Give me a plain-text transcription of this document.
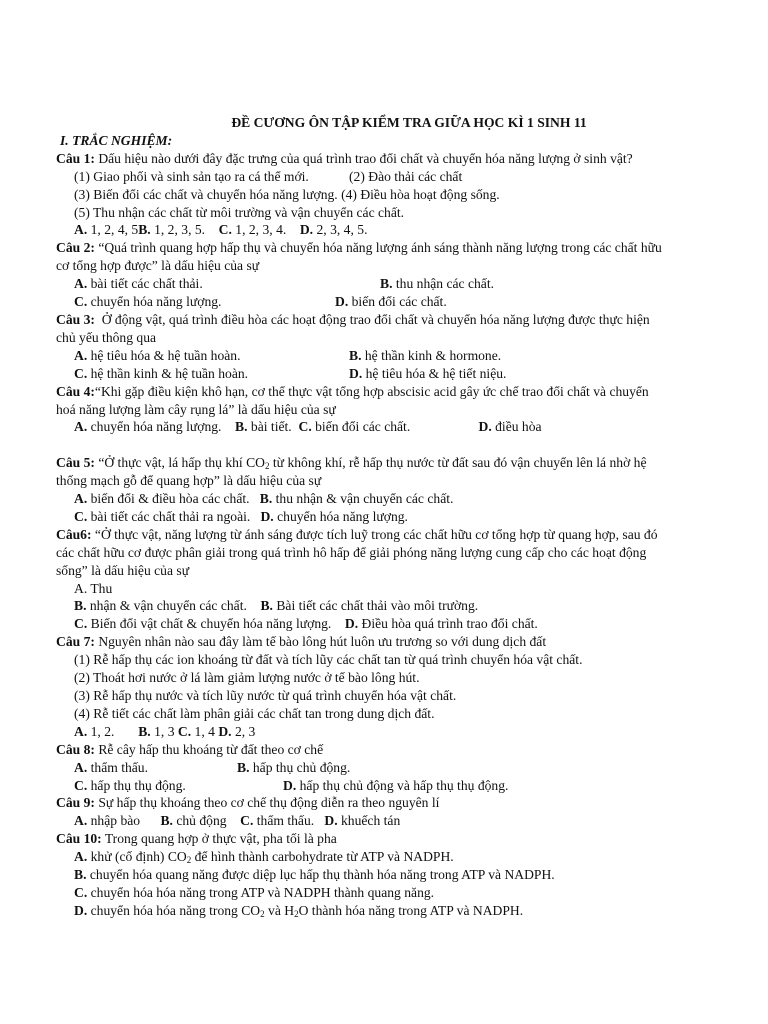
ĐỀ CƯƠNG ÔN TẬP KIỂM TRA GIỮA HỌC KÌ 1 SINH 11
I. TRẮC NGHIỆM:
Câu 1: Dấu hiệu nào dưới đây đặc trưng của quá trình trao đổi chất và chuyển hóa năng lượng ở sinh vật?
(1) Giao phối và sinh sản tạo ra cá thể mới.	(2) Đào thải các chất
(3) Biến đổi các chất và chuyển hóa năng lượng. (4) Điều hòa hoạt động sống.
(5) Thu nhận các chất từ môi trường và vận chuyển các chất.
A. 1, 2, 4, 5B. 1, 2, 3, 5. C. 1, 2, 3, 4. D. 2, 3, 4, 5.
Câu 2: “Quá trình quang hợp hấp thụ và chuyển hóa năng lượng ánh sáng thành năng lượng trong các chất hữu
cơ tổng hợp được” là dấu hiệu của sự
A. bài tiết các chất thải.	B. thu nhận các chất.
C. chuyển hóa năng lượng.	D. biến đổi các chất.
Câu 3: Ở động vật, quá trình điều hòa các hoạt động trao đổi chất và chuyển hóa năng lượng được thực hiện
chủ yếu thông qua
A. hệ tiêu hóa & hệ tuần hoàn.	B. hệ thần kinh & hormone.
C. hệ thần kinh & hệ tuần hoàn.	D. hệ tiêu hóa & hệ tiết niệu.
Câu 4:“Khi gặp điều kiện khô hạn, cơ thể thực vật tổng hợp abscisic acid gây ức chế trao đổi chất và chuyển
hoá năng lượng làm cây rụng lá” là dấu hiệu của sự
A. chuyển hóa năng lượng. B. bài tiết. C. biến đổi các chất.	D. điều hòa
Câu 5: “Ở thực vật, lá hấp thụ khí $CO_2$ từ không khí, rễ hấp thụ nước từ đất sau đó vận chuyển lên lá nhờ hệ
thống mạch gỗ để quang hợp” là dấu hiệu của sự
A. biến đổi & điều hòa các chất. B. thu nhận & vận chuyển các chất.
C. bài tiết các chất thải ra ngoài. D. chuyển hóa năng lượng.
Câu6: “Ở thực vật, năng lượng từ ánh sáng được tích luỹ trong các chất hữu cơ tổng hợp từ quang hợp, sau đó
các chất hữu cơ được phân giải trong quá trình hô hấp để giải phóng năng lượng cung cấp cho các hoạt động
sống” là dấu hiệu của sự
A. Thu
B. nhận & vận chuyển các chất. B. Bài tiết các chất thải vào môi trường.
C. Biến đổi vật chất & chuyển hóa năng lượng. D. Điều hòa quá trình trao đổi chất.
Câu 7: Nguyên nhân nào sau đây làm tế bào lông hút luôn ưu trương so với dung dịch đất
(1) Rễ hấp thụ các ion khoáng từ đất và tích lũy các chất tan từ quá trình chuyển hóa vật chất.
(2) Thoát hơi nước ở lá làm giảm lượng nước ở tế bào lông hút.
(3) Rễ hấp thụ nước và tích lũy nước từ quá trình chuyển hóa vật chất.
(4) Rễ tiết các chất làm phân giải các chất tan trong dung dịch đất.
A. 1, 2. B. 1, 3 C. 1, 4 D. 2, 3
Câu 8: Rễ cây hấp thu khoáng từ đất theo cơ chế
A. thẩm thấu.	B. hấp thụ chủ động.
C. hấp thụ thụ động.	D. hấp thụ chủ động và hấp thụ thụ động.
Câu 9: Sự hấp thụ khoáng theo cơ chế thụ động diễn ra theo nguyên lí
A. nhập bào B. chủ động C. thẩm thấu. D. khuếch tán
Câu 10: Trong quang hợp ở thực vật, pha tối là pha
A. khử (cố định) $CO_2$ để hình thành carbohydrate từ ATP và NADPH.
B. chuyển hóa quang năng được diệp lục hấp thụ thành hóa năng trong ATP và NADPH.
C. chuyển hóa hóa năng trong ATP và NADPH thành quang năng.
D. chuyển hóa hóa năng trong $CO_2$ và $H_2O$ thành hóa năng trong ATP và NADPH.
